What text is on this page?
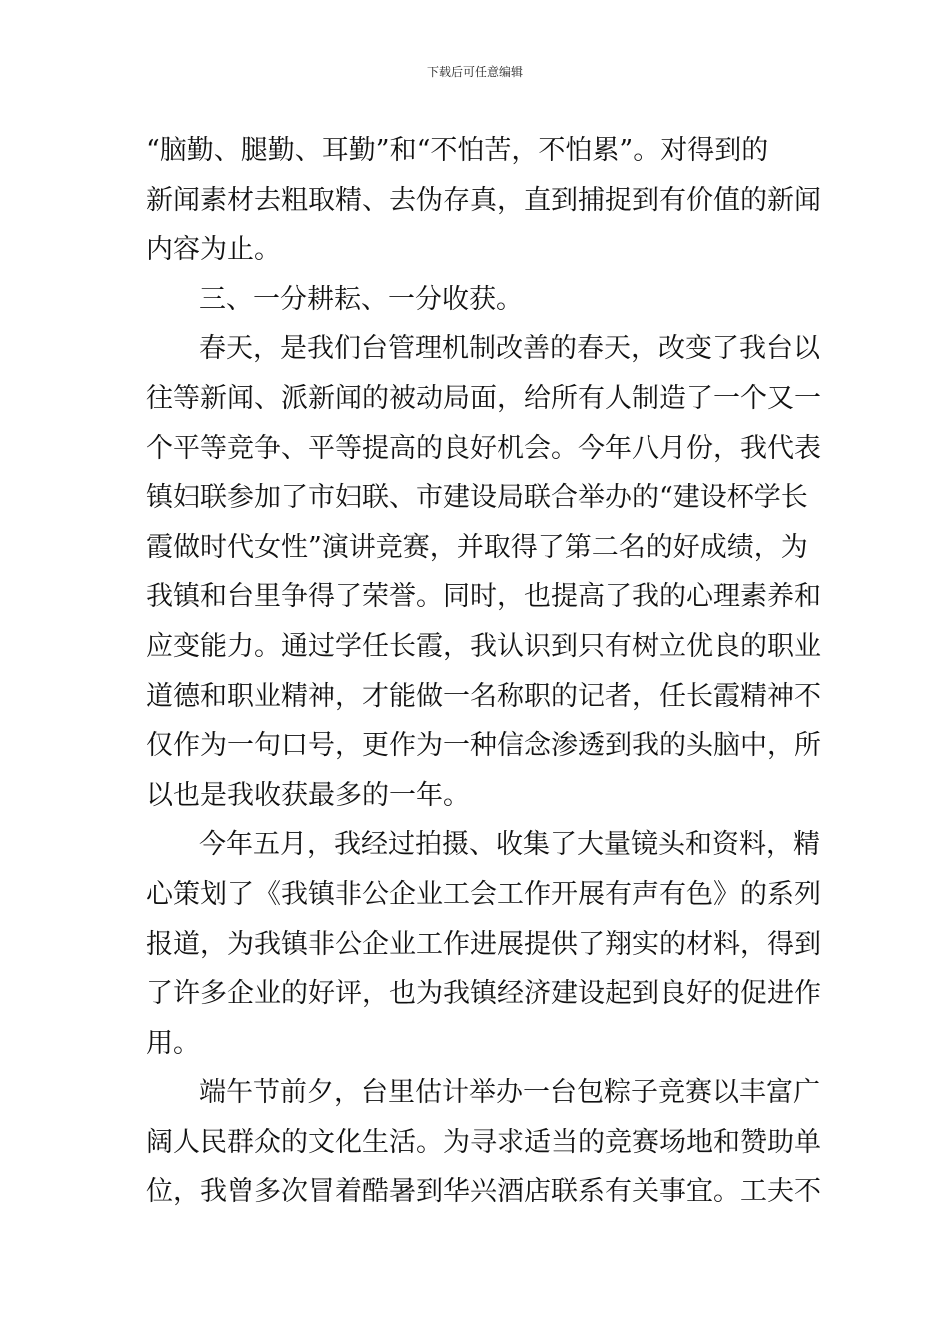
下载后可任意编辑
“脑勤、腿勤、耳勤”和“不怕苦，不怕累”。对得到的
新闻素材去粗取精、去伪存真，直到捕捉到有价值的新闻
内容为止。
三、一分耕耘、一分收获。
春天，是我们台管理机制改善的春天，改变了我台以
往等新闻、派新闻的被动局面，给所有人制造了一个又一
个平等竞争、平等提高的良好机会。今年八月份，我代表
镇妇联参加了市妇联、市建设局联合举办的“建设杯学长
霞做时代女性”演讲竞赛，并取得了第二名的好成绩，为
我镇和台里争得了荣誉。同时，也提高了我的心理素养和
应变能力。通过学任长霞，我认识到只有树立优良的职业
道德和职业精神，才能做一名称职的记者，任长霞精神不
仅作为一句口号，更作为一种信念渗透到我的头脑中，所
以也是我收获最多的一年。
今年五月，我经过拍摄、收集了大量镜头和资料，精
心策划了《我镇非公企业工会工作开展有声有色》的系列
报道，为我镇非公企业工作进展提供了翔实的材料，得到
了许多企业的好评，也为我镇经济建设起到良好的促进作
用。
端午节前夕，台里估计举办一台包粽子竞赛以丰富广
阔人民群众的文化生活。为寻求适当的竞赛场地和赞助单
位，我曾多次冒着酷暑到华兴酒店联系有关事宜。工夫不
